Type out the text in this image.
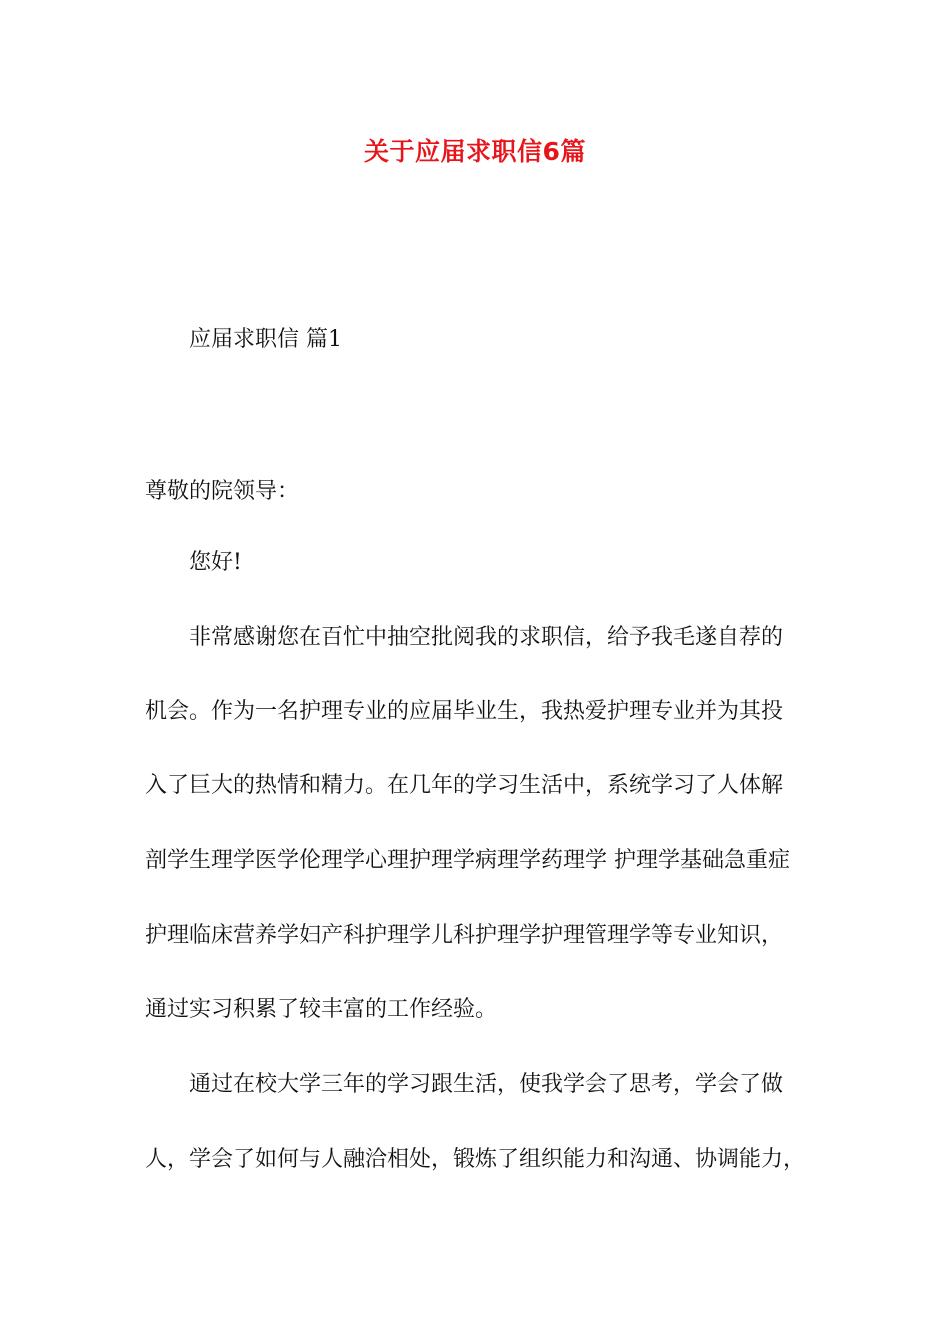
关于应届求职信6篇
应届求职信 篇1
尊敬的院领导：
您好!
非常感谢您在百忙中抽空批阅我的求职信，给予我毛遂自荐的
机会。作为一名护理专业的应届毕业生，我热爱护理专业并为其投
入了巨大的热情和精力。在几年的学习生活中，系统学习了人体解
剖学生理学医学伦理学心理护理学病理学药理学 护理学基础急重症
护理临床营养学妇产科护理学儿科护理学护理管理学等专业知识，
通过实习积累了较丰富的工作经验。
通过在校大学三年的学习跟生活，使我学会了思考，学会了做
人，学会了如何与人融洽相处，锻炼了组织能力和沟通、协调能力，
